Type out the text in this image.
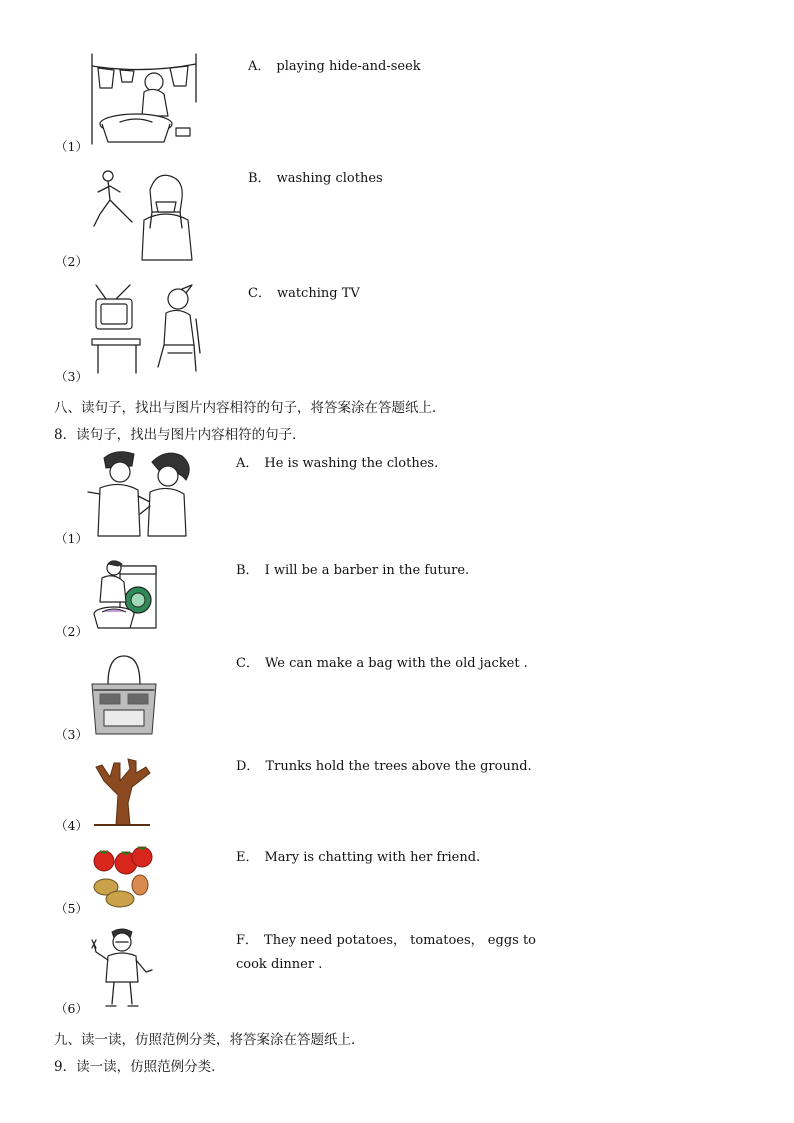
（1）
A． playing hide-and-seek
（2）
B． washing clothes
（3）
C． watching TV
八、读句子，找出与图片内容相符的句子，将答案涂在答题纸上．
8．读句子，找出与图片内容相符的句子．
（1）
A． He is washing the clothes.
（2）
B． I will be a barber in the future.
（3）
C． We can make a bag with the old jacket .
（4）
D． Trunks hold the trees above the ground.
（5）
E． Mary is chatting with her friend.
（6）
F． They need potatoes， tomatoes， eggs to
cook dinner .
九、读一读，仿照范例分类，将答案涂在答题纸上．
9．读一读，仿照范例分类．
